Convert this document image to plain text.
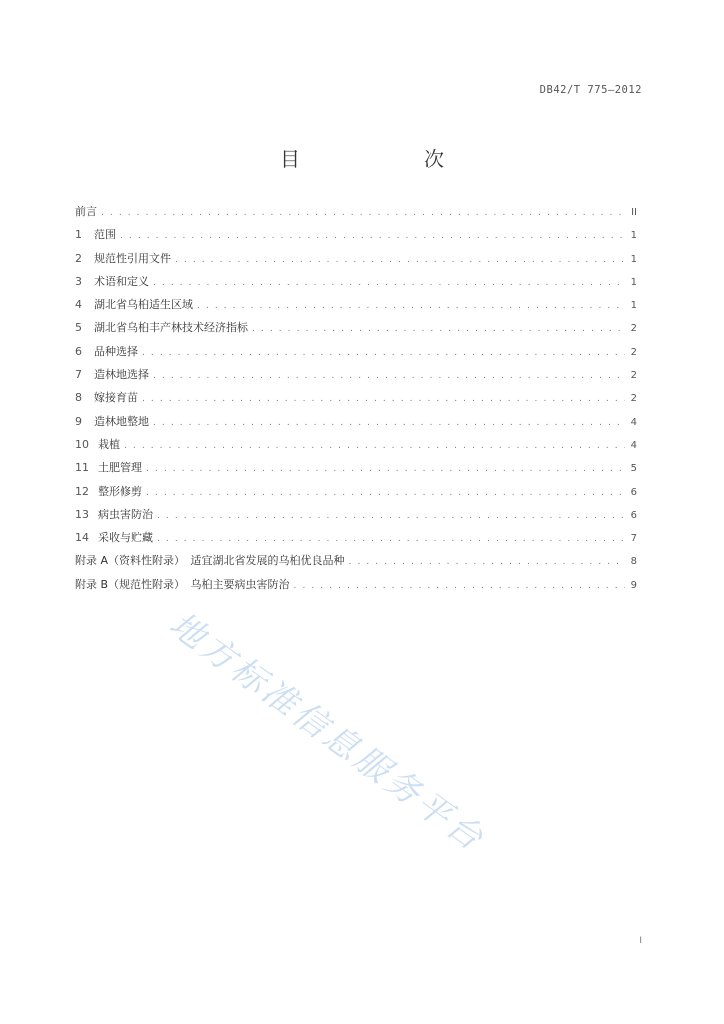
DB42/T 775—2012
目　次
前言 . . .	II
1	范围 . . .	1
2	规范性引用文件 . . .	1
3	术语和定义 . . .	1
4	湖北省乌桕适生区域 . . .	1
5	湖北省乌桕丰产林技术经济指标 . . .	2
6	品种选择 . . .	2
7	造林地选择 . . .	2
8	嫁接育苗 . . .	2
9	造林地整地 . . .	4
10 栽植 . . .	4
11 土肥管理 . . .	5
12 整形修剪 . . .	6
13 病虫害防治 . . .	6
14 采收与贮藏 . . .	7
附录 A（资料性附录）　适宜湖北省发展的乌桕优良品种 . . .	8
附录 B（规范性附录）　乌桕主要病虫害防治 . . .	9
地方标准信息服务平台
I
